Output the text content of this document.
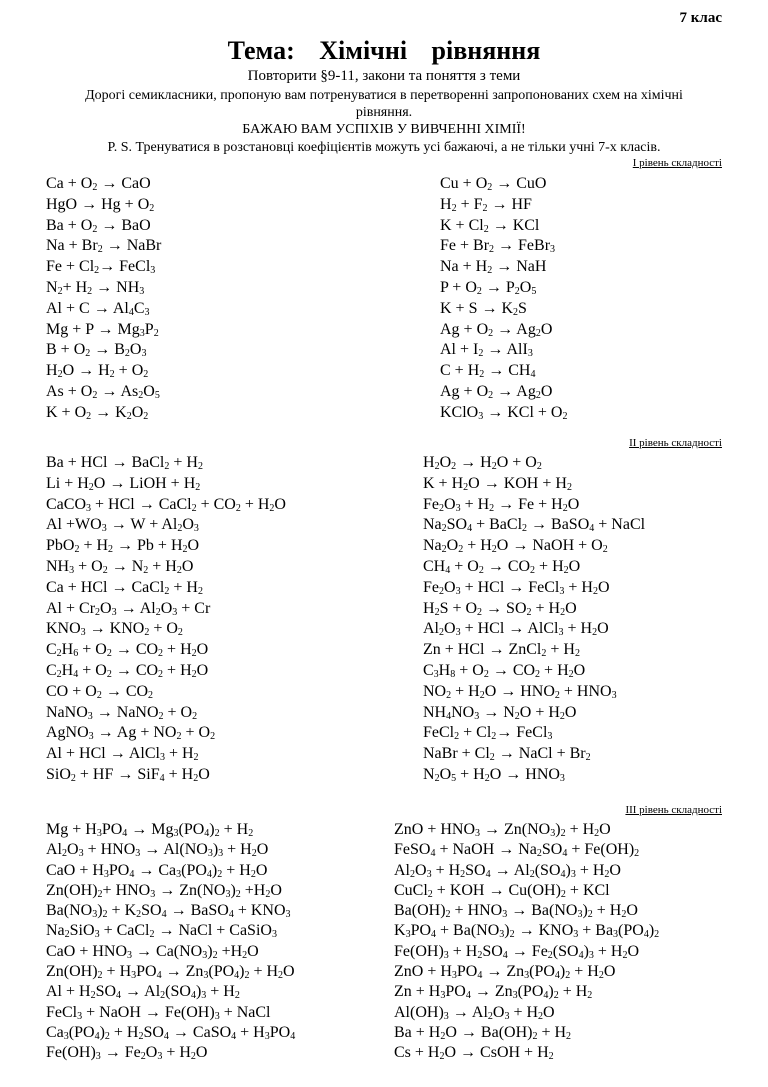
7 клас
Тема: Хімічні рівняння
Повторити §9-11, закони та поняття з теми
Дорогі семикласники, пропоную вам потренуватися в перетворенні запропонованих схем на хімічні
рівняння.
БАЖАЮ ВАМ УСПІХІВ У ВИВЧЕННІ ХІМІЇ!
P. S. Тренуватися в розстановці коефіцієнтів можуть усі бажаючі, а не тільки учні 7-х класів.
І рівень складності
$Ca + O_2$ → CaO
HgO → $Hg + O_2$
$Ba + O_2$ → BaO
$Na + Br_2$ → NaBr
$Fe + Cl_2\to$ FeCl$_3$
$N_2+ H_2 \to NH_3$
$Al + C \to Al_4C_3$
$Mg + P \to Mg_3P_2$
$B + O_2 \to B_2O_3$
$H_2O \to H_2 + O_2$
$As + O_2 \to As_2O_5$
$K + O_2 \to K_2O_2$
$Cu + O_2$ → CuO
$H_2 + F_2$ → HF
$K + Cl_2$ → KCl
$Fe + Br_2$ → FeBr$_3$
$Na + H_2$ → NaH
$P + O_2 \to P_2O_5$
$K + S \to K_2S$
$Ag + O_2 \to Ag_2O$
$Al + I_2 \to AlI_3$
$C + H_2 \to CH_4$
$Ag + O_2 \to Ag_2O$
KClO$_3$ → KCl + $O_2$
ІІ рівень складності
Ba + HCl → BaCl$_2$ + $H_2$
$Li + H_2O$ → LiOH + $H_2$
CaCO$_3$ + HCl → CaCl$_2$ + $CO_2 + H_2O$
$Al +WO_3 \to W + Al_2O_3$
$PbO_2 + H_2 \to Pb + H_2O$
$NH_3 + O_2 \to N_2 + H_2O$
Ca + HCl → CaCl$_2$ + $H_2$
$Al + Cr_2O_3 \to Al_2O_3 + Cr$
$KNO_3 \to KNO_2 + O_2$
$C_2H_6 + O_2 \to CO_2 + H_2O$
$C_2H_4 + O_2 \to CO_2 + H_2O$
CO + $O_2 \to CO_2$
NaNO$_3$ → NaNO$_2$ + $O_2$
AgNO$_3$ → $Ag + NO_2 + O_2$
Al + HCl → AlCl$_3$ + $H_2$
SiO$_2$ + HF → $SiF_4 + H_2O$
$H_2O_2 \to H_2O + O_2$
$K + H_2O$ → KOH + $H_2$
$Fe_2O_3 + H_2 \to Fe + H_2O$
$Na_2SO_4$ + BaCl$_2$ → BaSO$_4$ + NaCl
$Na_2O_2 + H_2O$ → NaOH + $O_2$
$CH_4 + O_2 \to CO_2 + H_2O$
$Fe_2O_3$ + HCl → FeCl$_3$ + $H_2O$
$H_2S + O_2 \to SO_2 + H_2O$
$Al_2O_3$ + HCl → AlCl$_3$ + $H_2O$
Zn + HCl → ZnCl$_2$ + $H_2$
$C_3H_8 + O_2 \to CO_2 + H_2O$
$NO_2 + H_2O \to HNO_2 + HNO_3$
$NH_4NO_3 \to N_2O + H_2O$
FeCl$_2$ + $Cl_2\to$ FeCl$_3$
NaBr + $Cl_2$ → NaCl + $Br_2$
$N_2O_5 + H_2O \to HNO_3$
ІІІ рівень складності
$Mg + H_3PO_4 \to Mg_3(PO_4)_2 + H_2$
$Al_2O_3 + HNO_3 \to Al(NO_3)_3 + H_2O$
CaO + $H_3PO_4 \to Ca_3(PO_4)_2 + H_2O$
$Zn(OH)_2+ HNO_3 \to Zn(NO_3)_2 +H_2O$
$Ba(NO_3)_2 + K_2SO_4$ → BaSO$_4$ + $KNO_3$
$Na_2SiO_3$ + CaCl$_2$ → NaCl + CaSiO$_3$
CaO + $HNO_3 \to Ca(NO_3)_2 +H_2O$
$Zn(OH)_2 + H_3PO_4 \to Zn_3(PO_4)_2 + H_2O$
$Al + H_2SO_4 \to Al_2(SO_4)_3 + H_2$
FeCl$_3$ + NaOH → $Fe(OH)_3$ + NaCl
$Ca_3(PO_4)_2 + H_2SO_4$ → CaSO$_4$ + $H_3PO_4$
$Fe(OH)_3 \to Fe_2O_3 + H_2O$
ZnO + $HNO_3 \to Zn(NO_3)_2 + H_2O$
FeSO$_4$ + NaOH → $Na_2SO_4 + Fe(OH)_2$
$Al_2O_3 + H_2SO_4 \to Al_2(SO_4)_3 + H_2O$
CuCl$_2$ + KOH → $Cu(OH)_2$ + KCl
$Ba(OH)_2 + HNO_3 \to Ba(NO_3)_2 + H_2O$
$K_3PO_4 + Ba(NO_3)_2 \to KNO_3 + Ba_3(PO_4)_2$
$Fe(OH)_3 + H_2SO_4 \to Fe_2(SO_4)_3 + H_2O$
ZnO + $H_3PO_4 \to Zn_3(PO_4)_2 + H_2O$
$Zn + H_3PO_4 \to Zn_3(PO_4)_2 + H_2$
$Al(OH)_3 \to Al_2O_3 + H_2O$
$Ba + H_2O \to Ba(OH)_2 + H_2$
$Cs + H_2O$ → CsOH + $H_2$
